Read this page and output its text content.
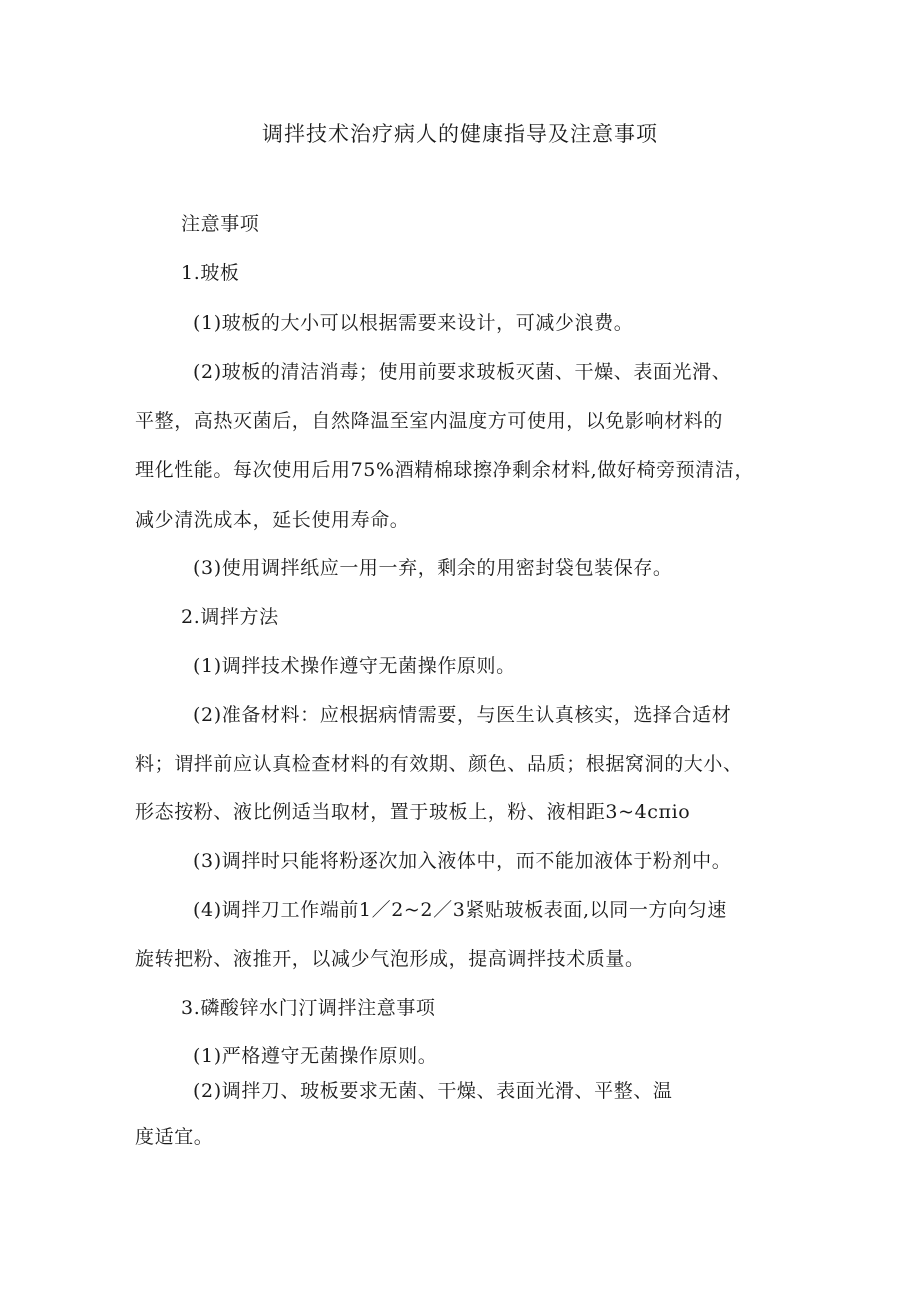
调拌技术治疗病人的健康指导及注意事项
注意事项
1.玻板
(1)玻板的大小可以根据需要来设计，可减少浪费。
(2)玻板的清洁消毒；使用前要求玻板灭菌、干燥、表面光滑、
平整，高热灭菌后，自然降温至室内温度方可使用，以免影响材料的
理化性能。每次使用后用75%酒精棉球擦净剩余材料,做好椅旁预清洁，
减少清洗成本，延长使用寿命。
(3)使用调拌纸应一用一弃，剩余的用密封袋包装保存。
2.调拌方法
(1)调拌技术操作遵守无菌操作原则。
(2)准备材料：应根据病情需要，与医生认真核实，选择合适材
料；谓拌前应认真检查材料的有效期、颜色、品质；根据窝洞的大小、
形态按粉、液比例适当取材，置于玻板上，粉、液相距3~4cπio
(3)调拌时只能将粉逐次加入液体中，而不能加液体于粉剂中。
(4)调拌刀工作端前1／2~2／3紧贴玻板表面,以同一方向匀速
旋转把粉、液推开，以减少气泡形成，提高调拌技术质量。
3.磷酸锌水门汀调拌注意事项
(1)严格遵守无菌操作原则。
(2)调拌刀、玻板要求无菌、干燥、表面光滑、平整、温
度适宜。
